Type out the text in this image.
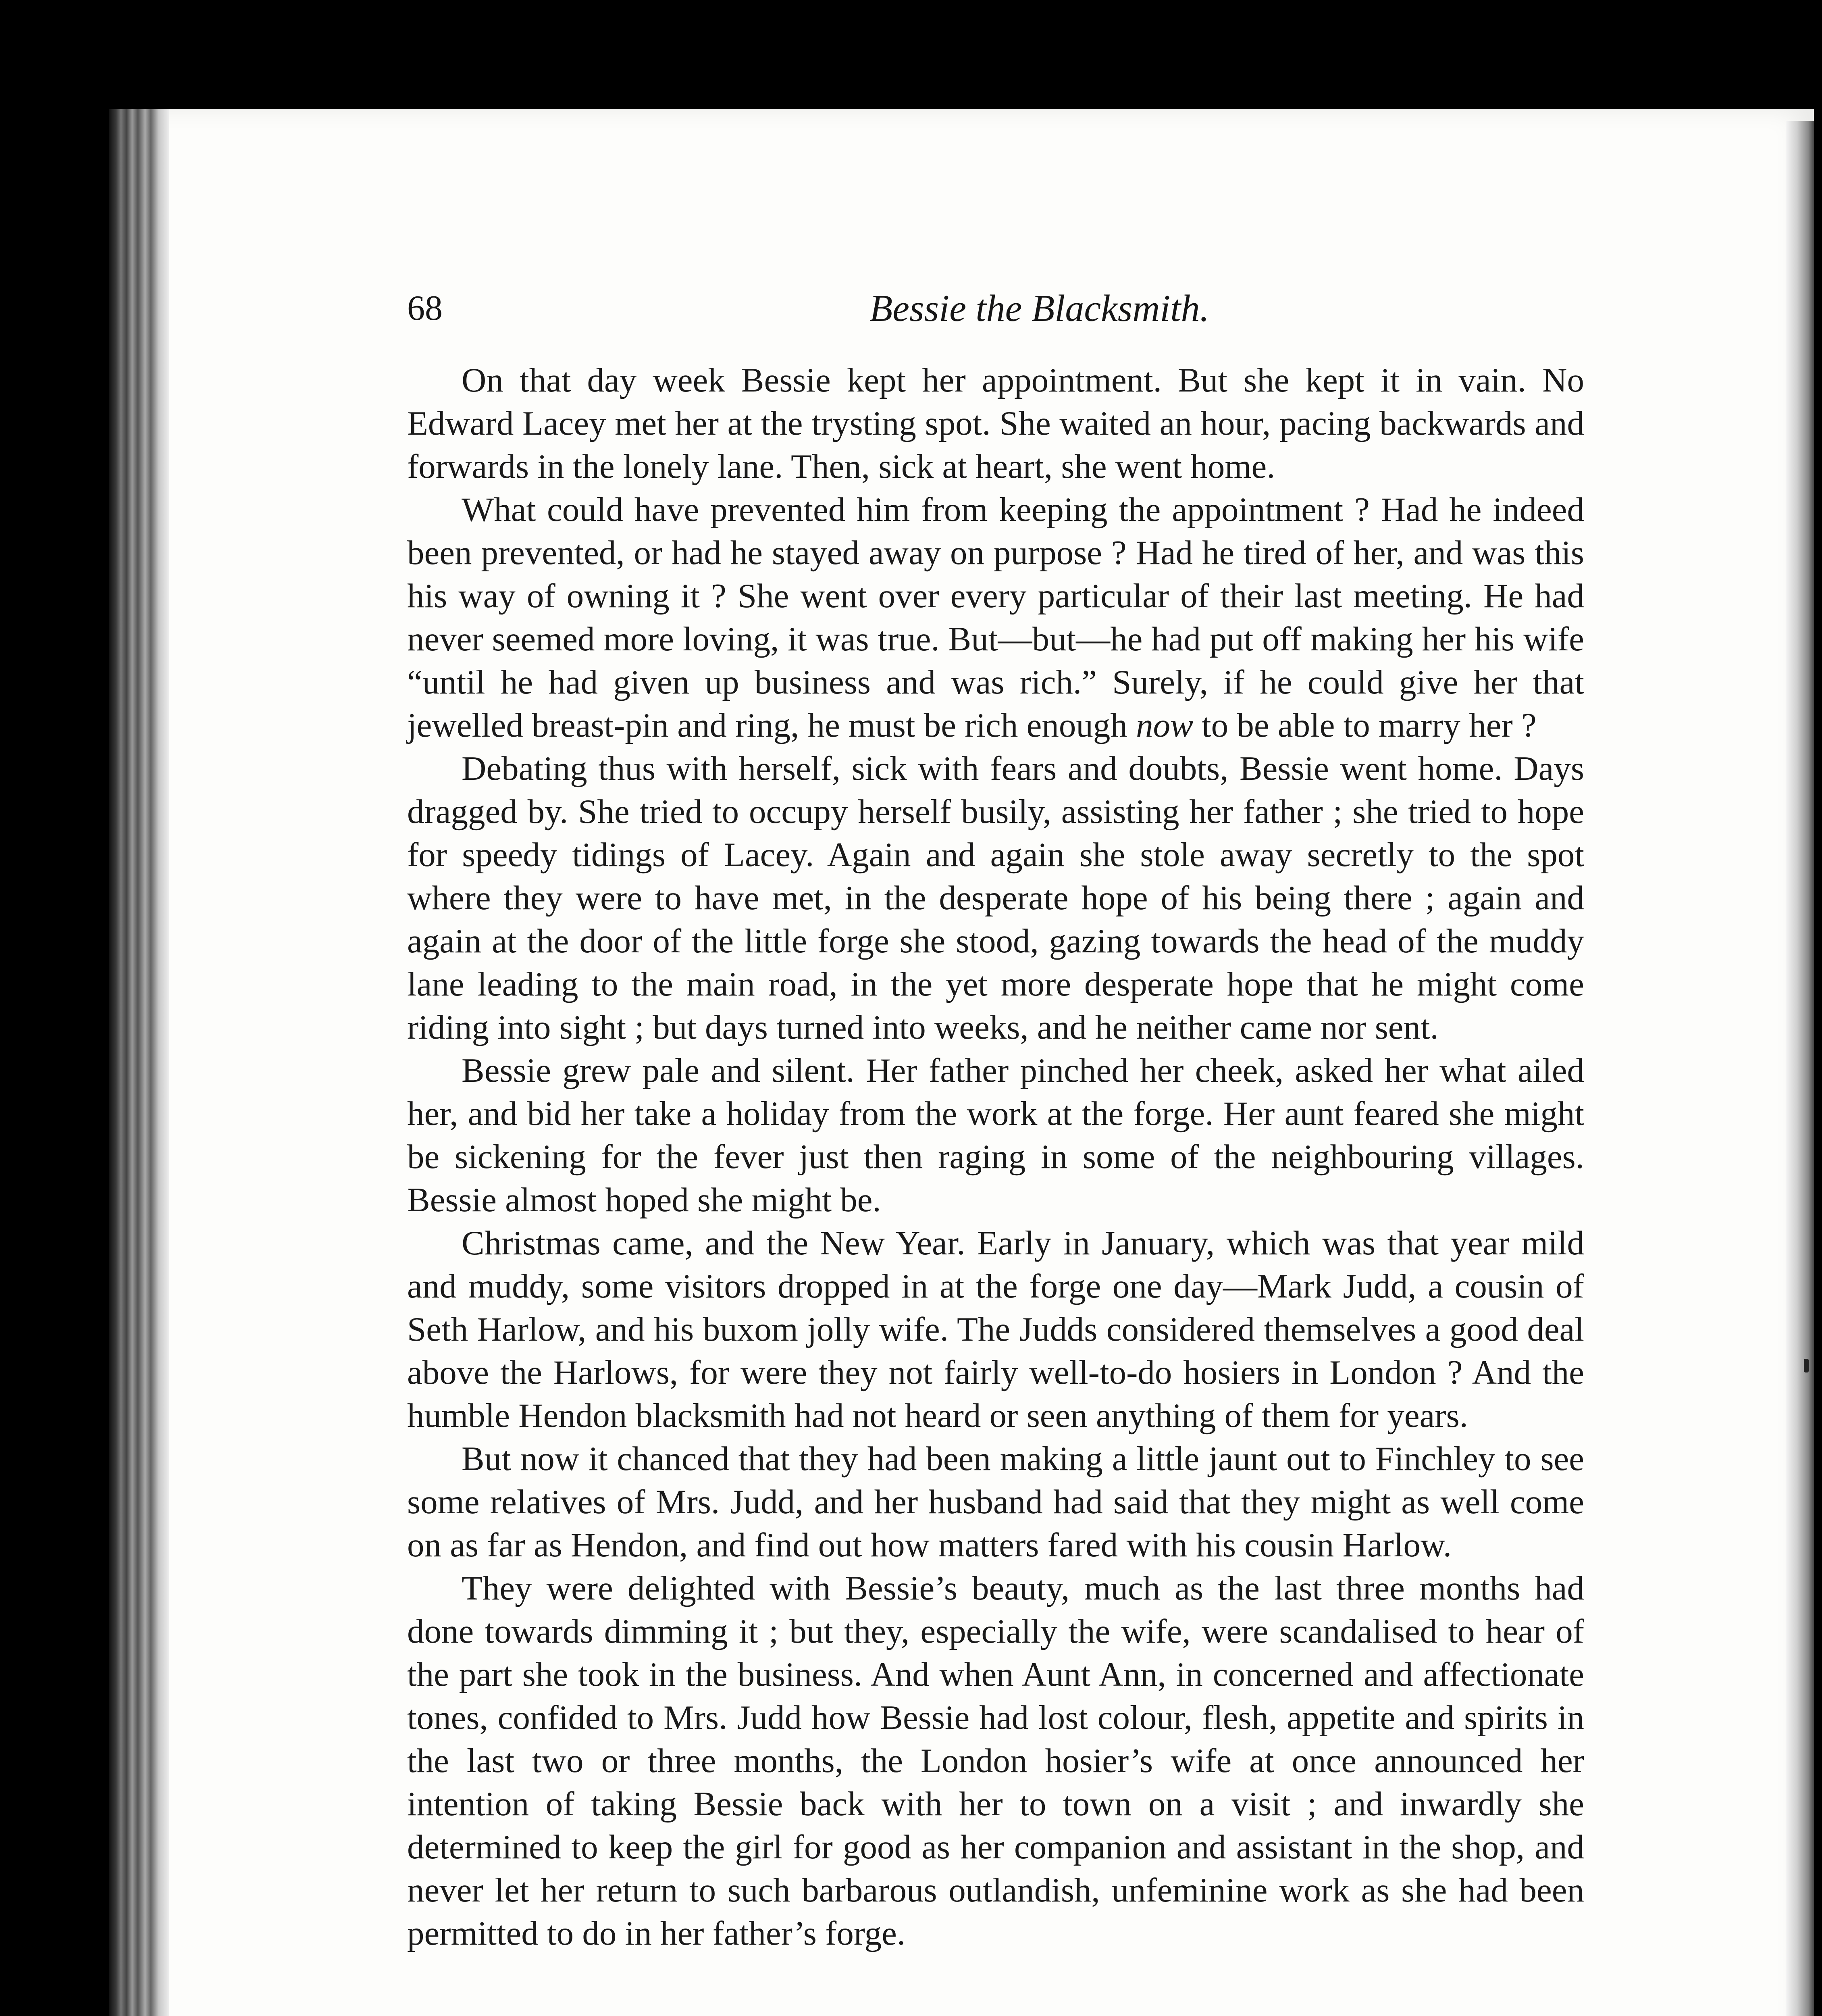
68	Bessie the Blacksmith.

On that day week Bessie kept her appointment. But she kept it in vain. No Edward Lacey met her at the trysting spot. She waited an hour, pacing backwards and forwards in the lonely lane. Then, sick at heart, she went home.

What could have prevented him from keeping the appointment ? Had he indeed been prevented, or had he stayed away on purpose ? Had he tired of her, and was this his way of owning it ? She went over every particular of their last meeting. He had never seemed more loving, it was true. But—but—he had put off making her his wife “until he had given up business and was rich.” Surely, if he could give her that jewelled breast-pin and ring, he must be rich enough now to be able to marry her ?

Debating thus with herself, sick with fears and doubts, Bessie went home. Days dragged by. She tried to occupy herself busily, assisting her father ; she tried to hope for speedy tidings of Lacey. Again and again she stole away secretly to the spot where they were to have met, in the desperate hope of his being there ; again and again at the door of the little forge she stood, gazing towards the head of the muddy lane leading to the main road, in the yet more desperate hope that he might come riding into sight ; but days turned into weeks, and he neither came nor sent.

Bessie grew pale and silent. Her father pinched her cheek, asked her what ailed her, and bid her take a holiday from the work at the forge. Her aunt feared she might be sickening for the fever just then raging in some of the neighbouring villages. Bessie almost hoped she might be.

Christmas came, and the New Year. Early in January, which was that year mild and muddy, some visitors dropped in at the forge one day—Mark Judd, a cousin of Seth Harlow, and his buxom jolly wife. The Judds considered themselves a good deal above the Harlows, for were they not fairly well-to-do hosiers in London ? And the humble Hendon blacksmith had not heard or seen anything of them for years.

But now it chanced that they had been making a little jaunt out to Finchley to see some relatives of Mrs. Judd, and her husband had said that they might as well come on as far as Hendon, and find out how matters fared with his cousin Harlow.

They were delighted with Bessie’s beauty, much as the last three months had done towards dimming it ; but they, especially the wife, were scandalised to hear of the part she took in the business. And when Aunt Ann, in concerned and affectionate tones, confided to Mrs. Judd how Bessie had lost colour, flesh, appetite and spirits in the last two or three months, the London hosier’s wife at once announced her intention of taking Bessie back with her to town on a visit ; and inwardly she determined to keep the girl for good as her companion and assistant in the shop, and never let her return to such barbarous outlandish, unfeminine work as she had been permitted to do in her father’s forge.
